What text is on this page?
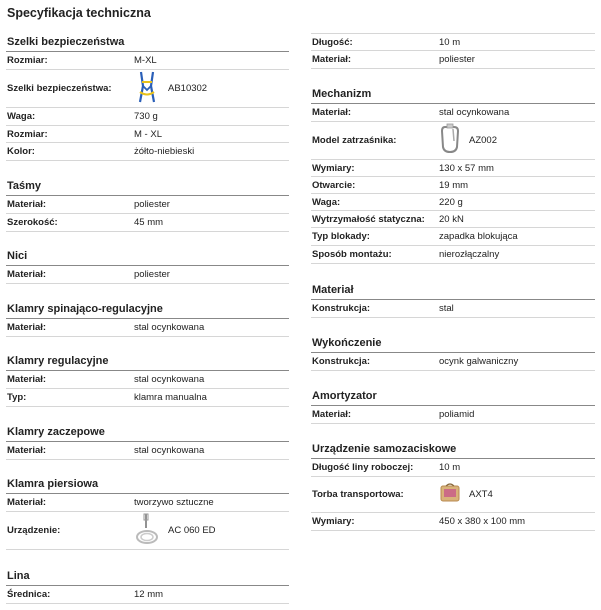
Specyfikacja techniczna
Szelki bezpieczeństwa
Rozmiar:	M-XL
Szelki bezpieczeństwa:	AB10302
Waga:	730 g
Rozmiar:	M - XL
Kolor:	żółto-niebieski
Taśmy
Materiał:	poliester
Szerokość:	45 mm
Nici
Materiał:	poliester
Klamry spinająco-regulacyjne
Materiał:	stal ocynkowana
Klamry regulacyjne
Materiał:	stal ocynkowana
Typ:	klamra manualna
Klamry zaczepowe
Materiał:	stal ocynkowana
Klamra piersiowa
Materiał:	tworzywo sztuczne
Urządzenie:	AC 060 ED
Lina
Średnica:	12 mm
Długość:	10 m
Materiał:	poliester
Mechanizm
Materiał:	stal ocynkowana
Model zatrzaśnika:	AZ002
Wymiary:	130 x 57 mm
Otwarcie:	19 mm
Waga:	220 g
Wytrzymałość statyczna:	20 kN
Typ blokady:	zapadka blokująca
Sposób montażu:	nierozłączalny
Materiał
Konstrukcja:	stal
Wykończenie
Konstrukcja:	ocynk galwaniczny
Amortyzator
Materiał:	poliamid
Urządzenie samozaciskowe
Długość liny roboczej:	10 m
Torba transportowa:	AXT4
Wymiary:	450 x 380 x 100 mm
